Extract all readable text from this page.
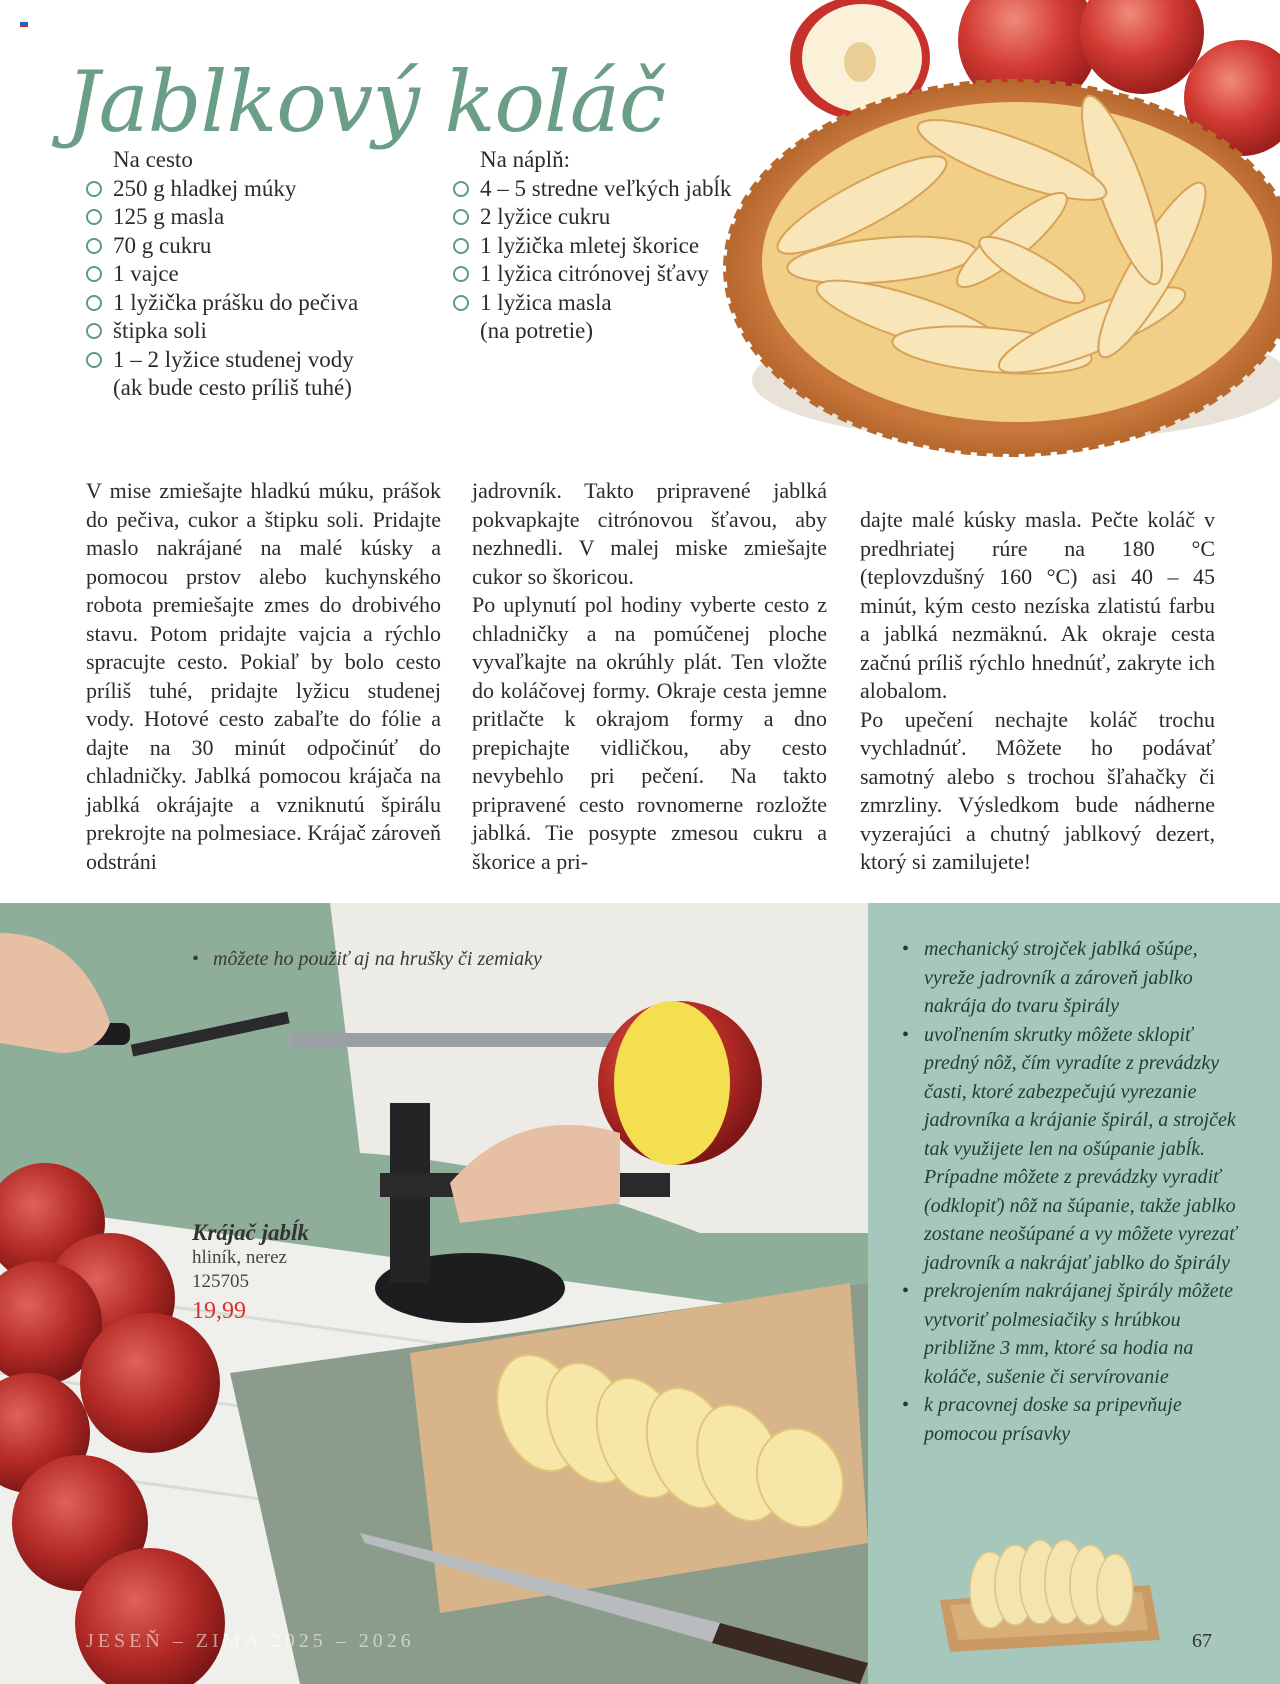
Jablkový koláč
Na cesto
250 g hladkej múky
125 g masla
70 g cukru
1 vajce
1 lyžička prášku do pečiva
štipka soli
1 – 2 lyžice studenej vody
(ak bude cesto príliš tuhé)
Na náplň:
4 – 5 stredne veľkých jabĺk
2 lyžice cukru
1 lyžička mletej škorice
1 lyžica citrónovej šťavy
1 lyžica masla
(na potretie)

V mise zmiešajte hladkú múku, prášok do pečiva, cukor a štipku soli. Pridajte maslo nakrájané na malé kúsky a pomocou prstov alebo kuchynského robota premiešajte zmes do drobivého stavu. Potom pridajte vajcia a rýchlo spracujte cesto. Pokiaľ by bolo cesto príliš tuhé, pridajte lyžicu studenej vody. Hotové cesto zabaľte do fólie a dajte na 30 minút odpočinúť do chladničky. Jablká pomocou krájača na jablká okrájajte a vzniknutú špirálu prekrojte na polmesiace. Krájač zároveň odstráni

jadrovník. Takto pripravené jablká pokvapkajte citrónovou šťavou, aby nezhnedli. V malej miske zmiešajte cukor so škoricou.

Po uplynutí pol hodiny vyberte cesto z chladničky a na pomúčenej ploche vyvaľkajte na okrúhly plát. Ten vložte do koláčovej formy. Okraje cesta jemne pritlačte k okrajom formy a dno prepichajte vidličkou, aby cesto nevybehlo pri pečení. Na takto pripravené cesto rovnomerne rozložte jablká. Tie posypte zmesou cukru a škorice a pri-

dajte malé kúsky masla. Pečte koláč v predhriatej rúre na 180 °C (teplovzdušný 160 °C) asi 40 – 45 minút, kým cesto nezíska zlatistú farbu a jablká nezmäknú. Ak okraje cesta začnú príliš rýchlo hnednúť, zakryte ich alobalom.

Po upečení nechajte koláč trochu vychladnúť. Môžete ho podávať samotný alebo s trochou šľahačky či zmrzliny. Výsledkom bude nádherne vyzerajúci a chutný jablkový dezert, ktorý si zamilujete!

• môžete ho použiť aj na hrušky či zemiaky
Krájač jabĺk
hliník, nerez
125705
19,99
• mechanický strojček jablká ošúpe, vyreže jadrovník a zároveň jablko nakrája do tvaru špirály
• uvoľnením skrutky môžete sklopiť predný nôž, čím vyradíte z prevádzky časti, ktoré zabezpečujú vyrezanie jadrovníka a krájanie špirál, a strojček tak využijete len na ošúpanie jabĺk. Prípadne môžete z prevádzky vyradiť (odklopiť) nôž na šúpanie, takže jablko zostane neošúpané a vy môžete vyrezať jadrovník a nakrájať jablko do špirály
• prekrojením nakrájanej špirály môžete vytvoriť polmesiačiky s hrúbkou približne 3 mm, ktoré sa hodia na koláče, sušenie či servírovanie
• k pracovnej doske sa pripevňuje pomocou prísavky
JESEŇ – ZIMA 2025 – 2026	67
